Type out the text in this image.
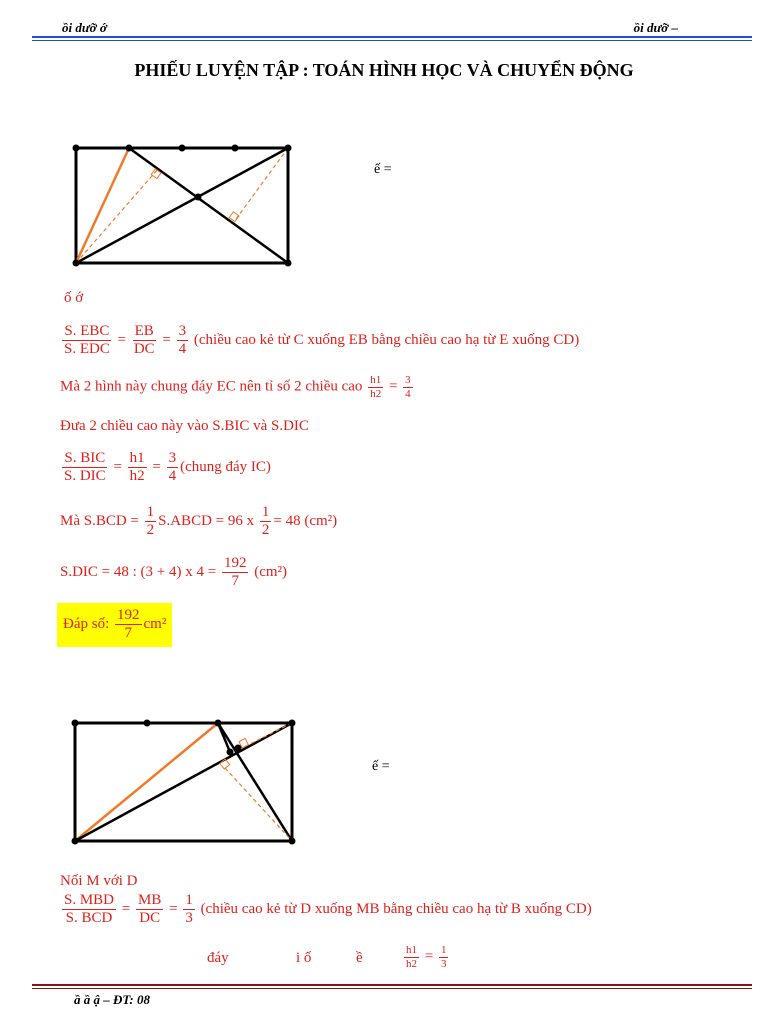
ồi dưỡ ớ	ồi dưỡ –
PHIẾU LUYỆN TẬP : TOÁN HÌNH HỌC VÀ CHUYỂN ĐỘNG
ế =
ố ớ
$\frac{\text{S. EBC}}{\text{S. EDC}} = \frac{EB}{DC} = \frac{3}{4}$ (chiều cao kẻ từ C xuống EB bằng chiều cao hạ từ E xuống CD)
Mà 2 hình này chung đáy EC nên tỉ số 2 chiều cao $\frac{h1}{h2} = \frac{3}{4}$
Đưa 2 chiều cao này vào S.BIC và S.DIC
$\frac{\text{S. BIC}}{\text{S. DIC}} = \frac{h1}{h2} = \frac{3}{4}$ (chung đáy IC)
Mà $S.BCD = \frac{1}{2}$ S.ABCD = 96 x $\frac{1}{2} = 48$ (cm²)
S.DIC = 48 : (3 + 4) x $4 = \frac{192}{7} (cm^2)$
Đáp số: $\frac{192}{7} cm^2$
ế =
Nối M với D
$\frac{\text{S. MBD}}{\text{S. BCD}} = \frac{MB}{DC} = \frac{1}{3}$ (chiều cao kẻ từ D xuống MB bằng chiều cao hạ từ B xuống CD)
đáy	i ố	ề	$\frac{h1}{h2} = \frac{1}{3}$
ầ ầ ậ – ĐT: 08
